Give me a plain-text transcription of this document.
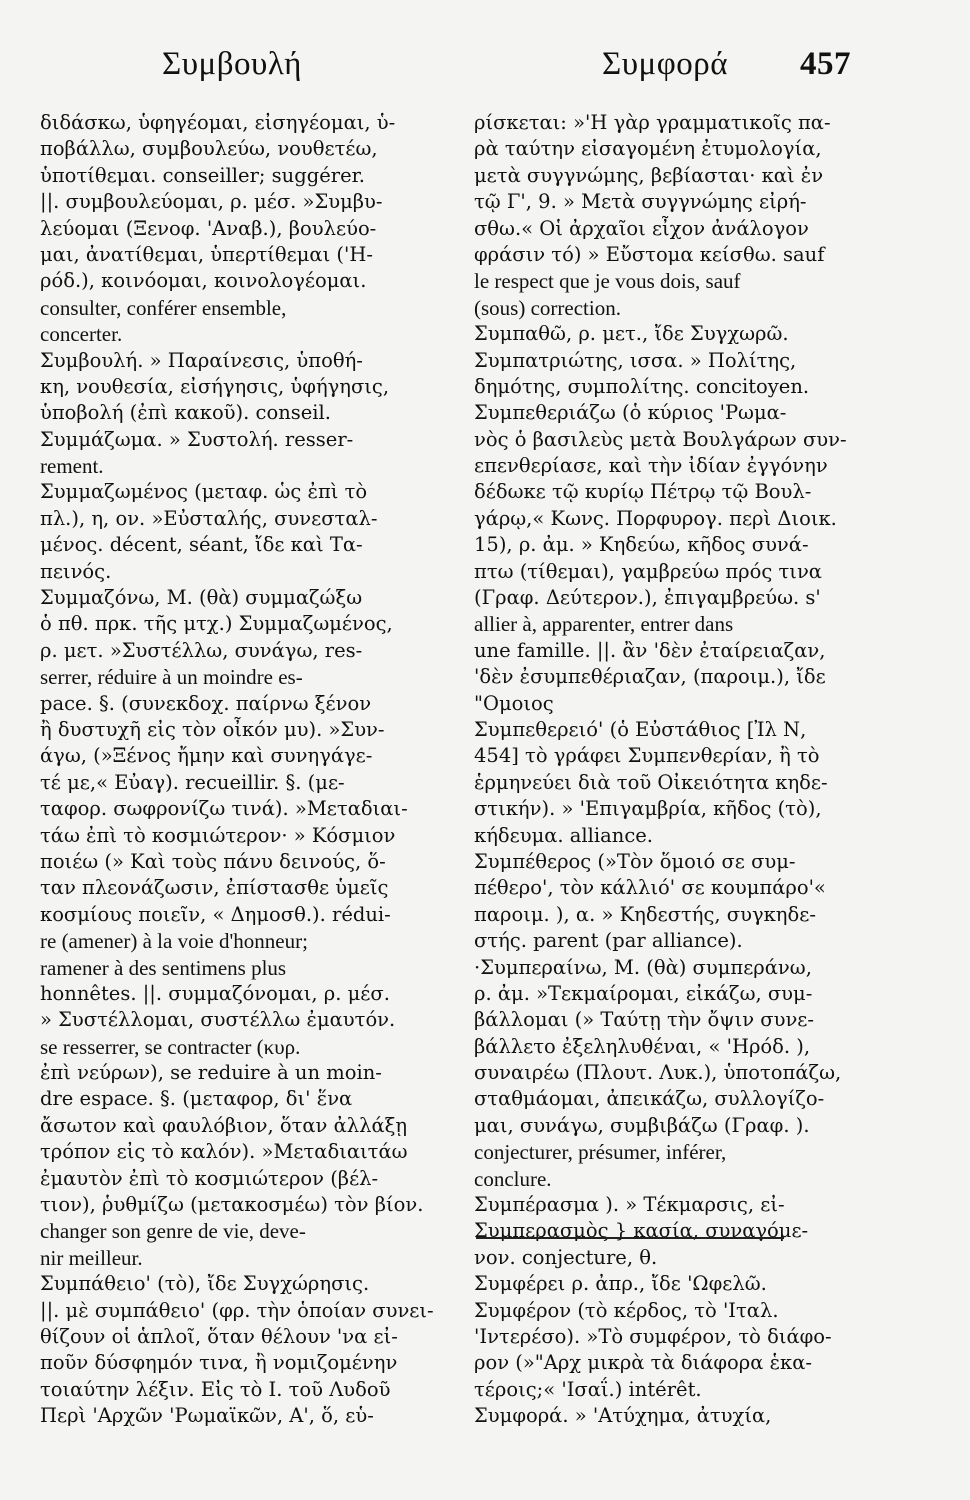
Συμβουλή	Συμφορά 457
διδάσκω, ὑφηγέομαι, εἰσηγέομαι, ὑ-
ποβάλλω, συμβουλεύω, νουθετέω,
ὑποτίθεμαι. conseiller; suggérer.
||. συμβουλεύομαι, ρ. μέσ. »Συμβυ-
λεύομαι (Ξενοφ. 'Αναβ.), βουλεύο-
μαι, ἀνατίθεμαι, ὑπερτίθεμαι ('Η-
ρόδ.), κοινόομαι, κοινολογέομαι.
consulter, conférer ensemble,
concerter.
Συμβουλή. » Παραίνεσις, ὑποθή-
κη, νουθεσία, εἰσήγησις, ὑφήγησις,
ὑποβολή (ἐπὶ κακοῦ). conseil.
Συμμάζωμα. » Συστολή. resser-
rement.
Συμμαζωμένος (μεταφ. ὡς ἐπὶ τὸ
πλ.), η, ον. »Εὐσταλής, συνεσταλ-
μένος. décent, séant, ἴδε καὶ Τα-
πεινός.
Συμμαζόνω, Μ. (θὰ) συμμαζώξω
ὁ πθ. πρκ. τῆς μτχ.) Συμμαζωμένος,
ρ. μετ. »Συστέλλω, συνάγω, res-
serrer, réduire à un moindre es-
pace. §. (συνεκδοχ. παίρνω ξένον
ἢ δυστυχῆ εἰς τὸν οἶκόν μυ). »Συν-
άγω, (»Ξένος ἤμην καὶ συνηγάγε-
τέ με,« Εὐαγ). recueillir. §. (με-
ταφορ. σωφρονίζω τινά). »Μεταδιαι-
τάω ἐπὶ τὸ κοσμιώτερον· » Κόσμιον
ποιέω (» Καὶ τοὺς πάνυ δεινούς, ὅ-
ταν πλεονάζωσιν, ἐπίστασθε ὑμεῖς
κοσμίους ποιεῖν, « Δημοσθ.). rédui-
re (amener) à la voie d'honneur;
ramener à des sentimens plus
honnêtes. ||. συμμαζόνομαι, ρ. μέσ.
» Συστέλλομαι, συστέλλω ἐμαυτόν.
se resserrer, se contracter (κυρ.
ἐπὶ νεύρων), se reduire à un moin-
dre espace. §. (μεταφορ, δι' ἕνα
ἄσωτον καὶ φαυλόβιον, ὅταν ἀλλάξῃ
τρόπον εἰς τὸ καλόν). »Μεταδιαιτάω
ἐμαυτὸν ἐπὶ τὸ κοσμιώτερον (βέλ-
τιον), ῥυθμίζω (μετακοσμέω) τὸν βίον.
changer son genre de vie, deve-
nir meilleur.
Συμπάθειο' (τὸ), ἴδε Συγχώρησις.
||. μὲ συμπάθειο' (φρ. τὴν ὁποίαν συνει-
θίζουν οἱ ἁπλοῖ, ὅταν θέλουν 'να εἰ-
ποῦν δύσφημόν τινα, ἢ νομιζομένην
τοιαύτην λέξιν. Εἰς τὸ Ι. τοῦ Λυδοῦ
Περὶ 'Αρχῶν 'Ρωμαϊκῶν, Α', ὅ, εὑ-
ρίσκεται: »'Η γὰρ γραμματικοῖς πα-
ρὰ ταύτην εἰσαγομένη ἐτυμολογία,
μετὰ συγγνώμης, βεβίασται· καὶ ἐν
τῷ Γ', 9. » Μετὰ συγγνώμης εἰρή-
σθω.« Οἱ ἀρχαῖοι εἶχον ἀνάλογον
φράσιν τό) » Εὔστομα κείσθω. sauf
le respect que je vous dois, sauf
(sous) correction.
Συμπαθῶ, ρ. μετ., ἴδε Συγχωρῶ.
Συμπατριώτης, ισσα. » Πολίτης,
δημότης, συμπολίτης. concitoyen.
Συμπεθεριάζω (ὁ κύριος 'Ρωμα-
νὸς ὁ βασιλεὺς μετὰ Βουλγάρων συν-
επενθερίασε, καὶ τὴν ἰδίαν ἐγγόνην
δέδωκε τῷ κυρίῳ Πέτρῳ τῷ Βουλ-
γάρῳ,« Κωνς. Πορφυρογ. περὶ Διοικ.
15), ρ. ἀμ. » Κηδεύω, κῆδος συνά-
πτω (τίθεμαι), γαμβρεύω πρός τινα
(Γραφ. Δεύτερον.), ἐπιγαμβρεύω. s'
allier à, apparenter, entrer dans
une famille. ||. ἂν 'δὲν ἐταίρειαζαν,
'δὲν ἐσυμπεθέριαζαν, (παροιμ.), ἴδε
"Ομοιος
Συμπεθερειό' (ὁ Εὐστάθιος [Ἰλ Ν,
454] τὸ γράφει Συμπενθερίαν, ἢ τὸ
ἑρμηνεύει διὰ τοῦ Οἰκειότητα κηδε-
στικήν). » 'Επιγαμβρία, κῆδος (τὸ),
κήδευμα. alliance.
Συμπέθερος (»Τὸν ὅμοιό σε συμ-
πέθερο', τὸν κάλλιό' σε κουμπάρο'«
παροιμ. ), α. » Κηδεστής, συγκηδε-
στής. parent (par alliance).
·Συμπεραίνω, Μ. (θὰ) συμπεράνω,
ρ. ἀμ. »Τεκμαίρομαι, εἰκάζω, συμ-
βάλλομαι (» Ταύτῃ τὴν ὄψιν συνε-
βάλλετο ἐξεληλυθέναι, « 'Ηρόδ. ),
συναιρέω (Πλουτ. Λυκ.), ὑποτοπάζω,
σταθμάομαι, ἀπεικάζω, συλλογίζο-
μαι, συνάγω, συμβιβάζω (Γραφ. ).
conjecturer, présumer, inférer,
conclure.
Συμπέρασμα ). » Τέκμαρσις, εἰ-
Συμπερασμὸς } κασία, συναγόμε-
νον. conjecture, θ.
Συμφέρει ρ. ἀπρ., ἴδε 'Ωφελῶ.
Συμφέρον (τὸ κέρδος, τὸ 'Ιταλ.
'Ιντερέσο). »Τὸ συμφέρον, τὸ διάφο-
ρον (»"Αρχ μικρὰ τὰ διάφορα ἑκα-
τέροις;« 'Ισαΐ.) intérêt.
Συμφορά. » 'Ατύχημα, ἀτυχία,
